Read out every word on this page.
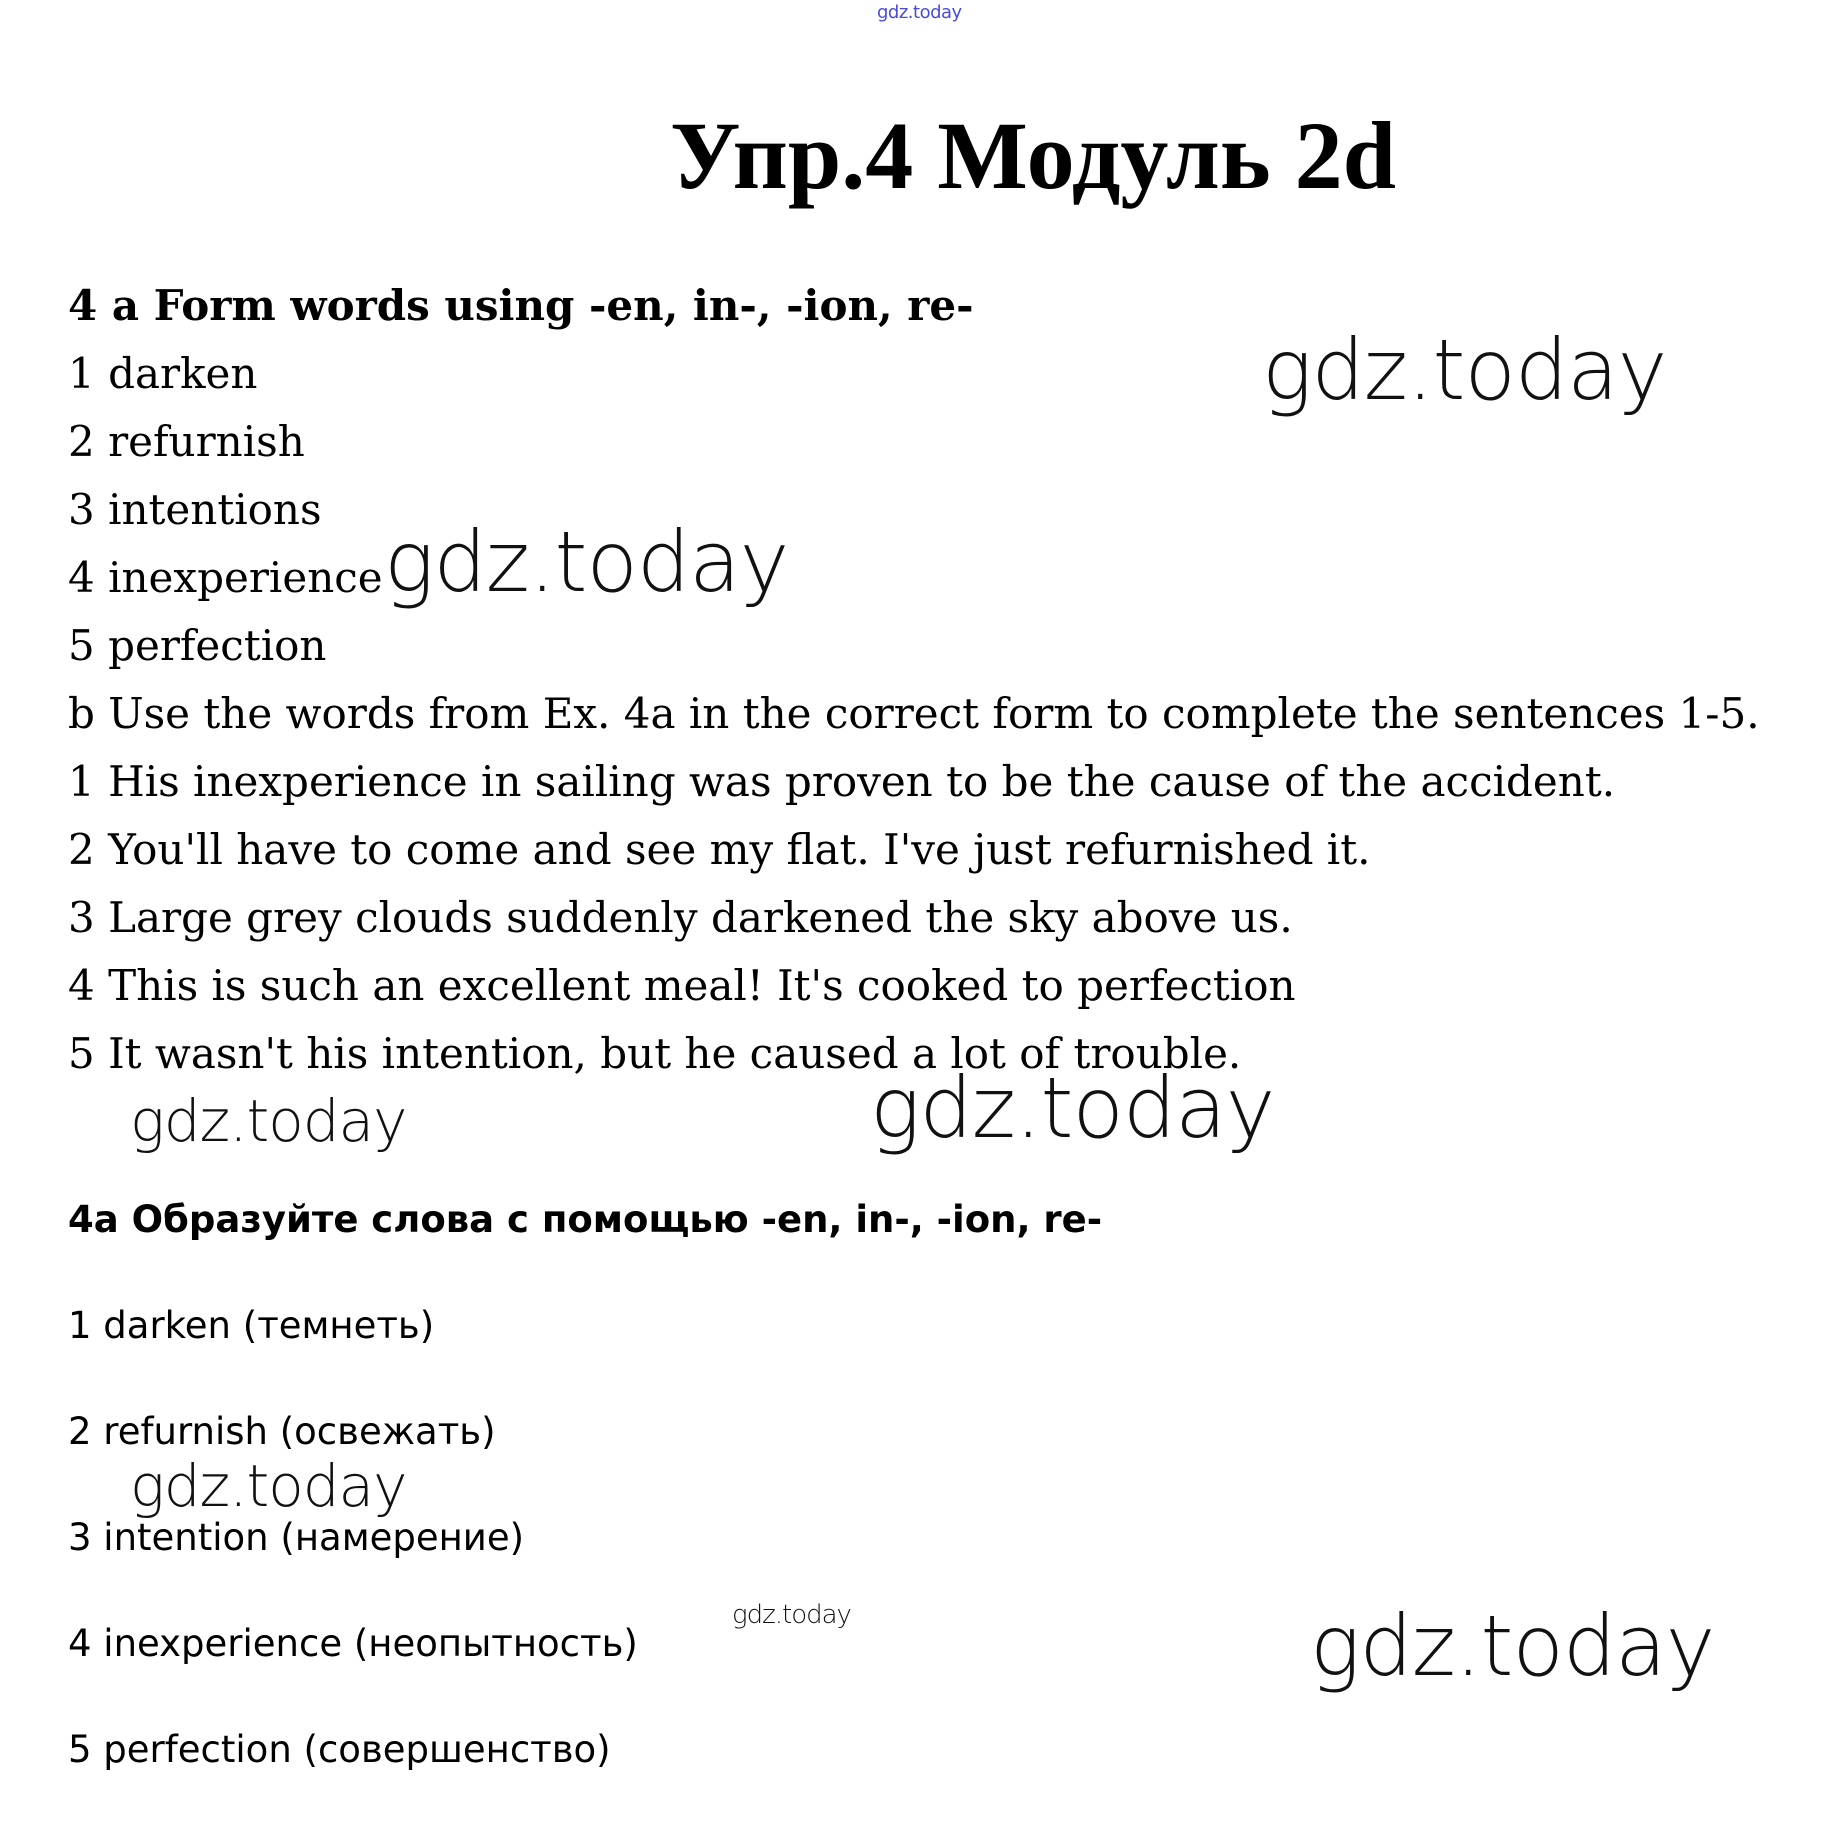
gdz.today
Упр.4 Модуль 2d
4 a Form words using -en, in-, -ion, re-
1 darken
2 refurnish
3 intentions
4 inexperience
5 perfection
b Use the words from Ex. 4a in the correct form to complete the sentences 1-5.
1 His inexperience in sailing was proven to be the cause of the accident.
2 You'll have to come and see my flat. I've just refurnished it.
3 Large grey clouds suddenly darkened the sky above us.
4 This is such an excellent meal! It's cooked to perfection
5 It wasn't his intention, but he caused a lot of trouble.
4a Образуйте слова с помощью -en, in-, -ion, re-
1 darken (темнеть)
2 refurnish (освежать)
3 intention (намерение)
4 inexperience (неопытность)
5 perfection (совершенство)
gdz.today
gdz.today
gdz.today	gdz.today
gdz.today
gdz.today	gdz.today
